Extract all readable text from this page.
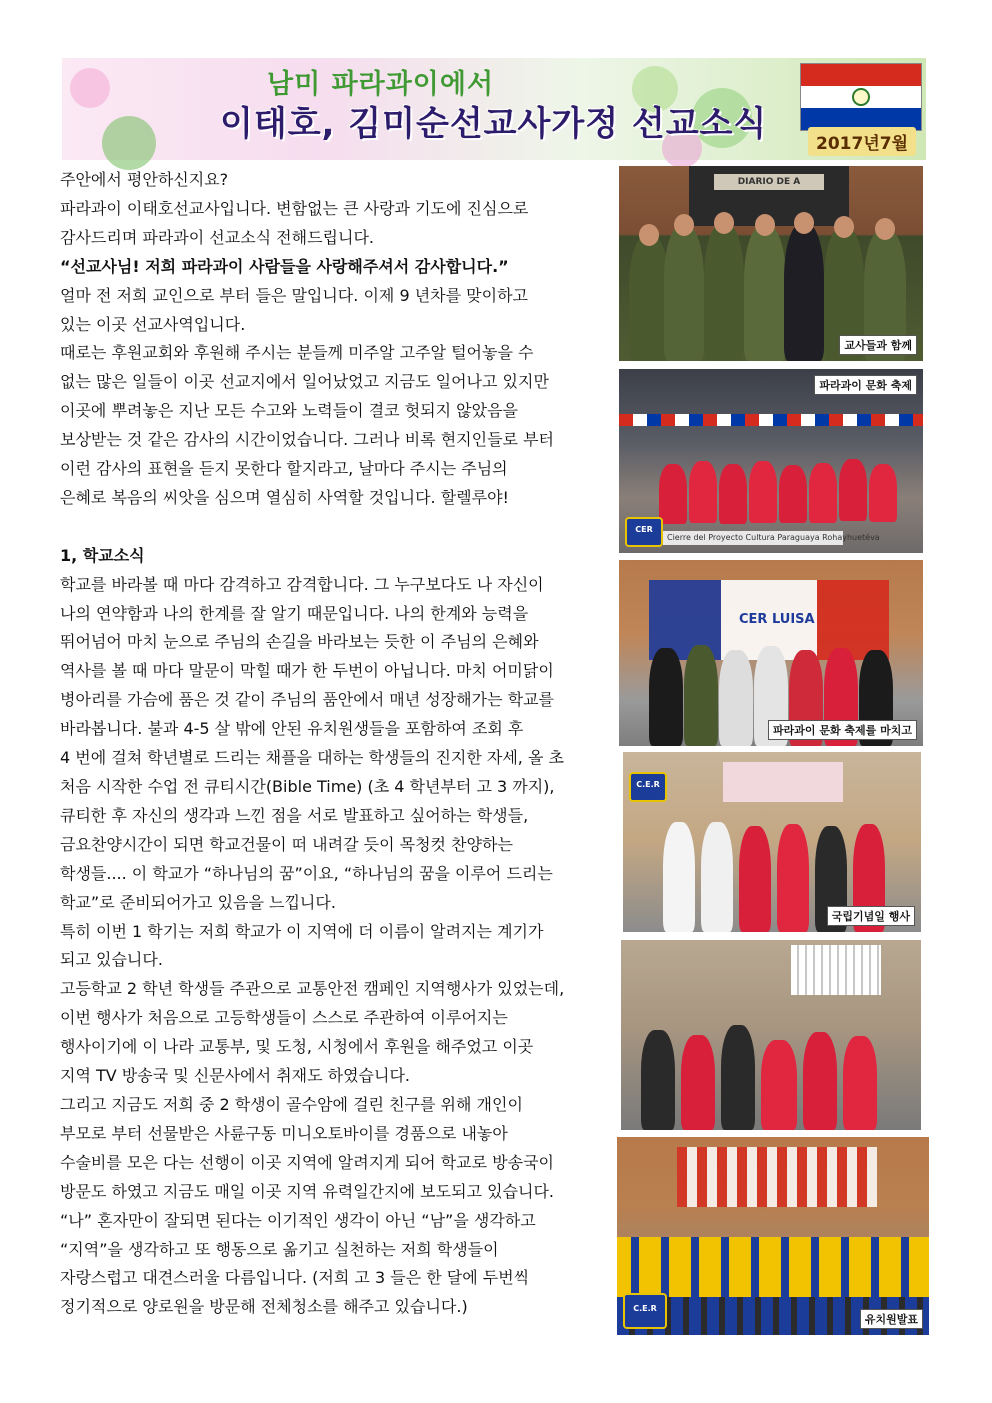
남미 파라과이에서
이태호, 김미순선교사가정 선교소식	2017년7월

주안에서 평안하신지요?

파라과이 이태호선교사입니다. 변함없는 큰 사랑과 기도에 진심으로

감사드리며 파라과이 선교소식 전해드립니다.

“선교사님! 저희 파라과이 사람들을 사랑해주셔서 감사합니다.”

얼마 전 저희 교인으로 부터 들은 말입니다. 이제 9 년차를 맞이하고

있는 이곳 선교사역입니다.

때로는 후원교회와 후원해 주시는 분들께 미주알 고주알 털어놓을 수

없는 많은 일들이 이곳 선교지에서 일어났었고 지금도 일어나고 있지만

이곳에 뿌려놓은 지난 모든 수고와 노력들이 결코 헛되지 않았음을

보상받는 것 같은 감사의 시간이었습니다. 그러나 비록 현지인들로 부터

이런 감사의 표현을 듣지 못한다 할지라고, 날마다 주시는 주님의

은혜로 복음의 씨앗을 심으며 열심히 사역할 것입니다. 할렐루야!

1, 학교소식

학교를 바라볼 때 마다 감격하고 감격합니다. 그 누구보다도 나 자신이

나의 연약함과 나의 한계를 잘 알기 때문입니다. 나의 한계와 능력을

뛰어넘어 마치 눈으로 주님의 손길을 바라보는 듯한 이 주님의 은혜와

역사를 볼 때 마다 말문이 막힐 때가 한 두번이 아닙니다. 마치 어미닭이

병아리를 가슴에 품은 것 같이 주님의 품안에서 매년 성장해가는 학교를

바라봅니다. 불과 4-5 살 밖에 안된 유치원생들을 포함하여 조회 후

4 번에 걸쳐 학년별로 드리는 채플을 대하는 학생들의 진지한 자세, 올 초

처음 시작한 수업 전 큐티시간(Bible Time) (초 4 학년부터 고 3 까지),

큐티한 후 자신의 생각과 느낀 점을 서로 발표하고 싶어하는 학생들,

금요찬양시간이 되면 학교건물이 떠 내려갈 듯이 목청컷 찬양하는

학생들.... 이 학교가 “하나님의 꿈”이요, “하나님의 꿈을 이루어 드리는

학교”로 준비되어가고 있음을 느낍니다.

특히 이번 1 학기는 저희 학교가 이 지역에 더 이름이 알려지는 계기가

되고 있습니다.

고등학교 2 학년 학생들 주관으로 교통안전 캠페인 지역행사가 있었는데,

이번 행사가 처음으로 고등학생들이 스스로 주관하여 이루어지는

행사이기에 이 나라 교통부, 및 도청, 시청에서 후원을 해주었고 이곳

지역 TV 방송국 및 신문사에서 취재도 하였습니다.

그리고 지금도 저희 중 2 학생이 골수암에 걸린 친구를 위해 개인이

부모로 부터 선물받은 사륜구동 미니오토바이를 경품으로 내놓아

수술비를 모은 다는 선행이 이곳 지역에 알려지게 되어 학교로 방송국이

방문도 하였고 지금도 매일 이곳 지역 유력일간지에 보도되고 있습니다.

“나” 혼자만이 잘되면 된다는 이기적인 생각이 아닌 “남”을 생각하고

“지역”을 생각하고 또 행동으로 옮기고 실천하는 저희 학생들이

자랑스럽고 대견스러울 다름입니다. (저희 고 3 들은 한 달에 두번씩

정기적으로 양로원을 방문해 전체청소를 해주고 있습니다.)

DIARIO DE A
교사들과 함께
파라과이 문화 축제
CER
Cierre del Proyecto Cultura Paraguaya Rohayhuetéva
CER LUISA
파라과이 문화 축제를 마치고
C.E.R
국립기념일 행사
C.E.R
유치원발표
